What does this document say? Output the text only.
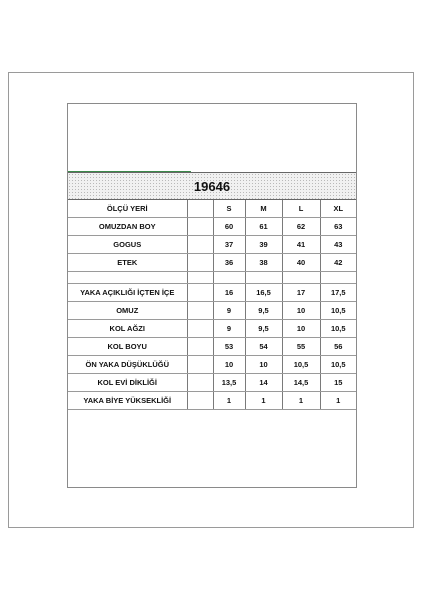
19646
ÖLÇÜ YERİ		S	M	L	XL
OMUZDAN BOY		60	61	62	63
GOGUS		37	39	41	43
ETEK		36	38	40	42

YAKA AÇIKLIĞI İÇTEN İÇE		16	16,5	17	17,5
OMUZ		9	9,5	10	10,5
KOL AĞZI		9	9,5	10	10,5
KOL BOYU		53	54	55	56
ÖN YAKA DÜŞÜKLÜĞÜ		10	10	10,5	10,5
KOL EVİ DİKLİĞİ		13,5	14	14,5	15
YAKA BİYE YÜKSEKLİĞİ		1	1	1	1
